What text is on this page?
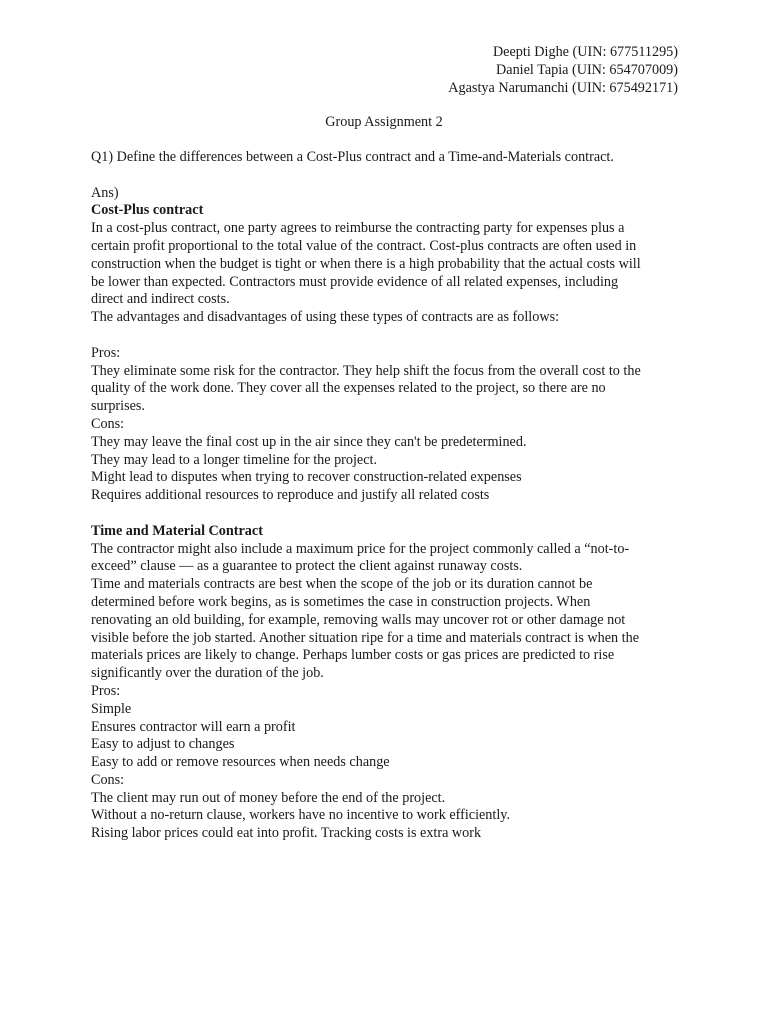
Deepti Dighe (UIN: 677511295)
Daniel Tapia (UIN: 654707009)
Agastya Narumanchi (UIN: 675492171)
Group Assignment 2
Q1) Define the differences between a Cost-Plus contract and a Time-and-Materials contract.
Ans)
Cost-Plus contract
In a cost-plus contract, one party agrees to reimburse the contracting party for expenses plus a
certain profit proportional to the total value of the contract. Cost-plus contracts are often used in
construction when the budget is tight or when there is a high probability that the actual costs will
be lower than expected. Contractors must provide evidence of all related expenses, including
direct and indirect costs.
The advantages and disadvantages of using these types of contracts are as follows:
Pros:
They eliminate some risk for the contractor. They help shift the focus from the overall cost to the
quality of the work done. They cover all the expenses related to the project, so there are no
surprises.
Cons:
They may leave the final cost up in the air since they can't be predetermined.
They may lead to a longer timeline for the project.
Might lead to disputes when trying to recover construction-related expenses
Requires additional resources to reproduce and justify all related costs
Time and Material Contract
The contractor might also include a maximum price for the project commonly called a “not-to-
exceed” clause — as a guarantee to protect the client against runaway costs.
Time and materials contracts are best when the scope of the job or its duration cannot be
determined before work begins, as is sometimes the case in construction projects. When
renovating an old building, for example, removing walls may uncover rot or other damage not
visible before the job started. Another situation ripe for a time and materials contract is when the
materials prices are likely to change. Perhaps lumber costs or gas prices are predicted to rise
significantly over the duration of the job.
Pros:
Simple
Ensures contractor will earn a profit
Easy to adjust to changes
Easy to add or remove resources when needs change
Cons:
The client may run out of money before the end of the project.
Without a no-return clause, workers have no incentive to work efficiently.
Rising labor prices could eat into profit. Tracking costs is extra work
